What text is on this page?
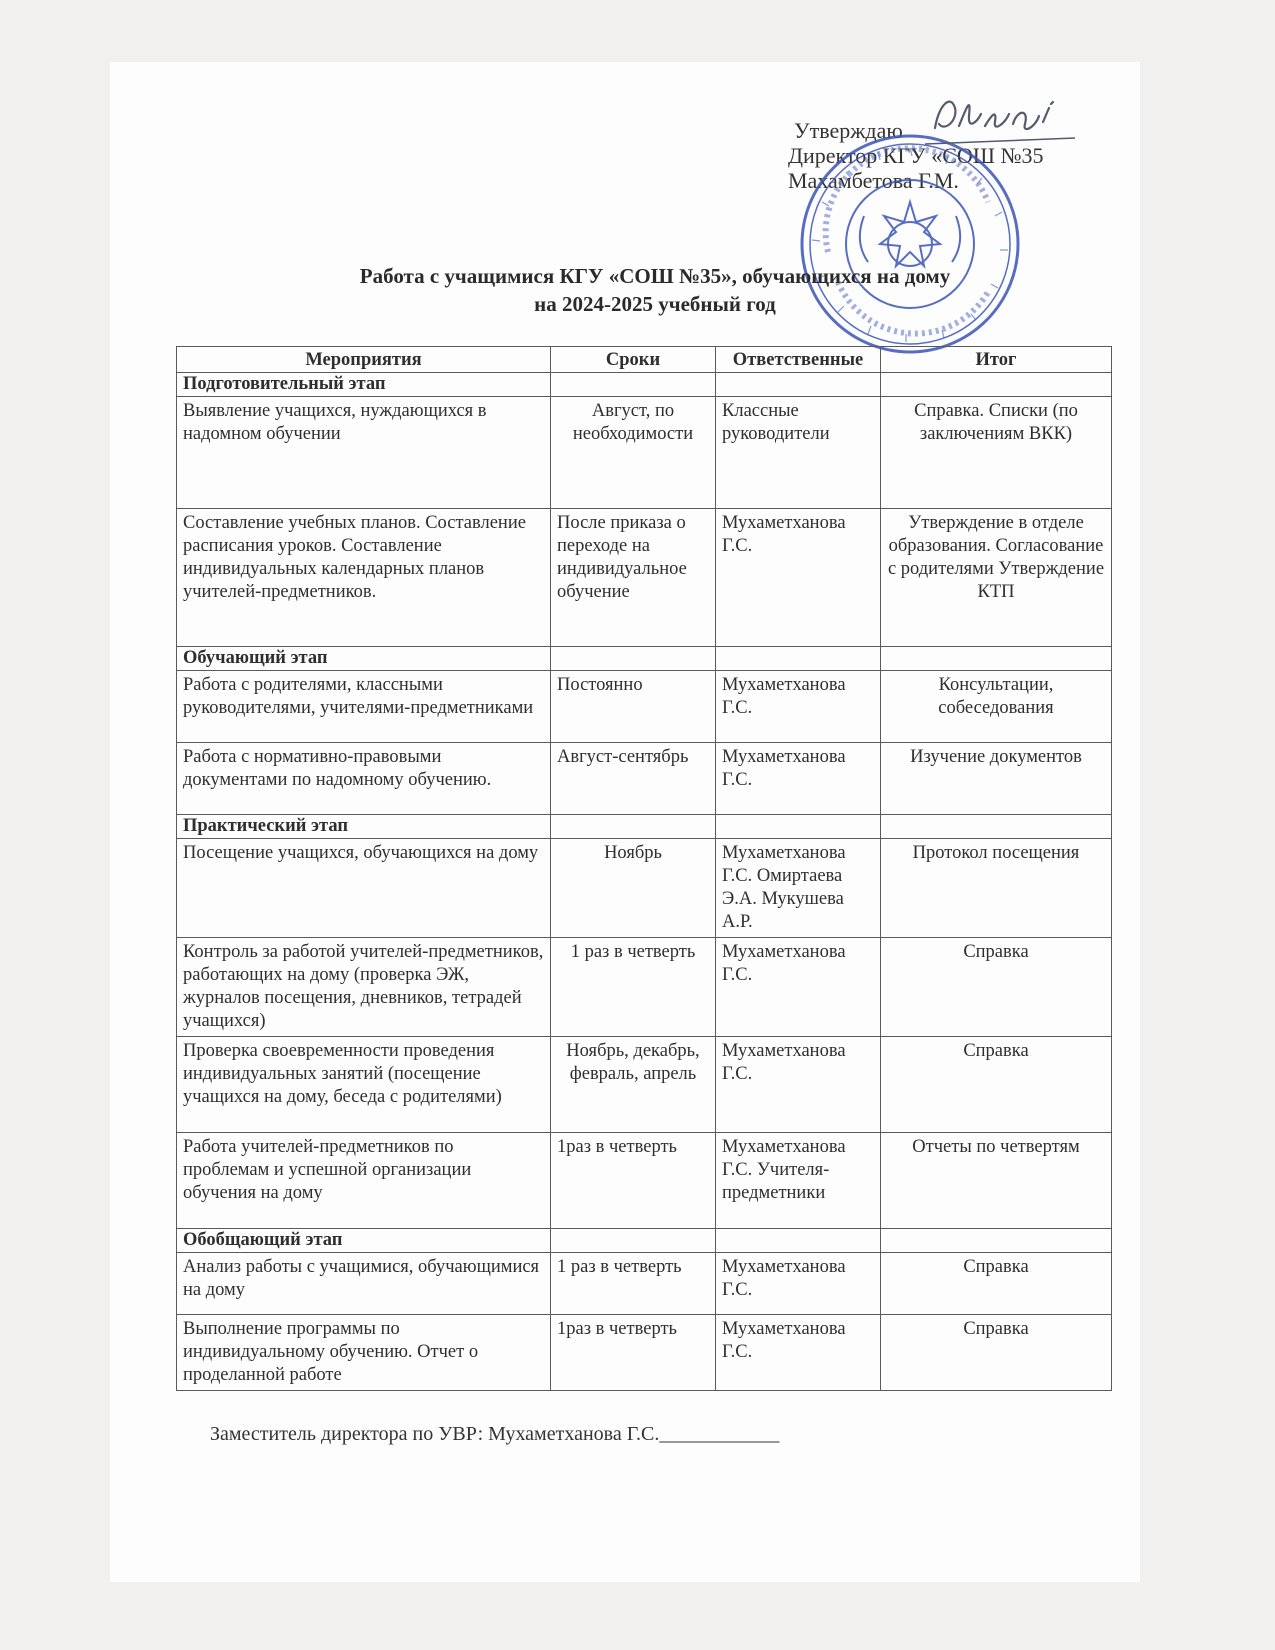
Утверждаю
Директор КГУ «СОШ №35
Махамбетова Г.М.
Работа с учащимися КГУ «СОШ №35», обучающихся на дому
на 2024-2025 учебный год
Мероприятия	Сроки	Ответственные	Итог
Подготовительный этап			
Выявление учащихся, нуждающихся в надомном обучении	Август, по необходимости	Классные руководители	Справка. Списки (по заключениям ВКК)
Составление учебных планов. Составление расписания уроков. Составление индивидуальных календарных планов учителей-предметников.	После приказа о переходе на индивидуальное обучение	Мухаметханова Г.С.	Утверждение в отделе образования. Согласование с родителями Утверждение КТП
Обучающий этап			
Работа с родителями, классными руководителями, учителями-предметниками	Постоянно	Мухаметханова Г.С.	Консультации, собеседования
Работа с нормативно-правовыми документами по надомному обучению.	Август-сентябрь	Мухаметханова Г.С.	Изучение документов
Практический этап			
Посещение учащихся, обучающихся на дому	Ноябрь	Мухаметханова Г.С. Омиртаева Э.А. Мукушева А.Р.	Протокол посещения
Контроль за работой учителей-предметников, работающих на дому (проверка ЭЖ, журналов посещения, дневников, тетрадей учащихся)	1 раз в четверть	Мухаметханова Г.С.	Справка
Проверка своевременности проведения индивидуальных занятий (посещение учащихся на дому, беседа с родителями)	Ноябрь, декабрь, февраль, апрель	Мухаметханова Г.С.	Справка
Работа учителей-предметников по проблемам и успешной организации обучения на дому	1раз в четверть	Мухаметханова Г.С. Учителя-предметники	Отчеты по четвертям
Обобщающий этап			
Анализ работы с учащимися, обучающимися на дому	1 раз в четверть	Мухаметханова Г.С.	Справка
Выполнение программы по индивидуальному обучению. Отчет о проделанной работе	1раз в четверть	Мухаметханова Г.С.	Справка
Заместитель директора по УВР: Мухаметханова Г.С.____________
